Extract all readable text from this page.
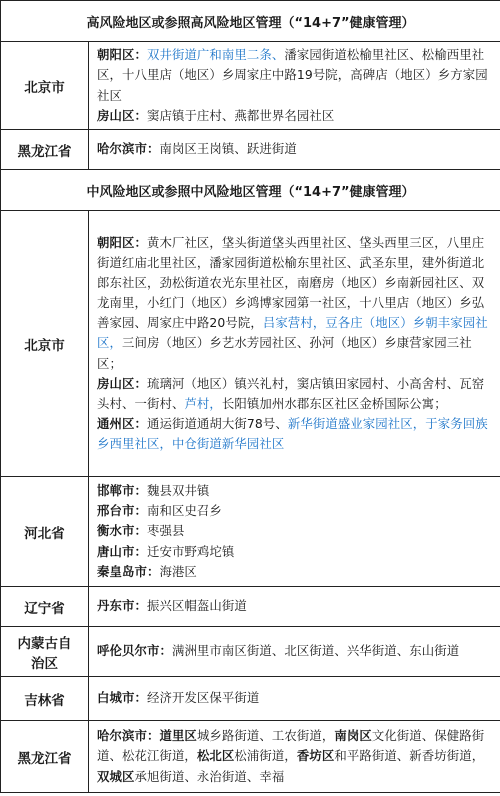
高风险地区或参照高风险地区管理（“14+7”健康管理）	
北京市	朝阳区：双井街道广和南里二条、潘家园街道松榆里社区、松榆西里社区，十八里店（地区）乡周家庄中路19号院，高碑店（地区）乡方家园社区
房山区：窦店镇于庄村、燕都世界名园社区

黑龙江省	哈尔滨市：南岗区王岗镇、跃进街道
中风险地区或参照中风险地区管理（“14+7”健康管理）	
北京市	朝阳区：黄木厂社区，垡头街道垡头西里社区、垡头西里三区，八里庄街道红庙北里社区，潘家园街道松榆东里社区、武圣东里，建外街道北郎东社区，劲松街道农光东里社区，南磨房（地区）乡南新园社区、双龙南里，小红门（地区）乡鸿博家园第一社区，十八里店（地区）乡弘善家园、周家庄中路20号院，吕家营村，豆各庄（地区）乡朝丰家园社区，三间房（地区）乡艺水芳园社区、孙河（地区）乡康营家园三社区；
房山区：琉璃河（地区）镇兴礼村，窦店镇田家园村、小高舍村、瓦窑头村、一街村、芦村，长阳镇加州水郡东区社区金桥国际公寓；
通州区：通运街道通胡大街78号、新华街道盛业家园社区，于家务回族乡西里社区，中仓街道新华园社区

河北省	邯郸市：魏县双井镇
邢台市：南和区史召乡
衡水市：枣强县
唐山市：迁安市野鸡坨镇
秦皇岛市：海港区

辽宁省	丹东市：振兴区帽盔山街道

内蒙古自
治区	呼伦贝尔市：满洲里市南区街道、北区街道、兴华街道、东山街道
吉林省	白城市：经济开发区保平街道
黑龙江省	哈尔滨市：道里区城乡路街道、工农街道，南岗区文化街道、保健路街道、松花江街道，松北区松浦街道，香坊区和平路街道、新香坊街道，双城区承旭街道、永治街道、幸福
